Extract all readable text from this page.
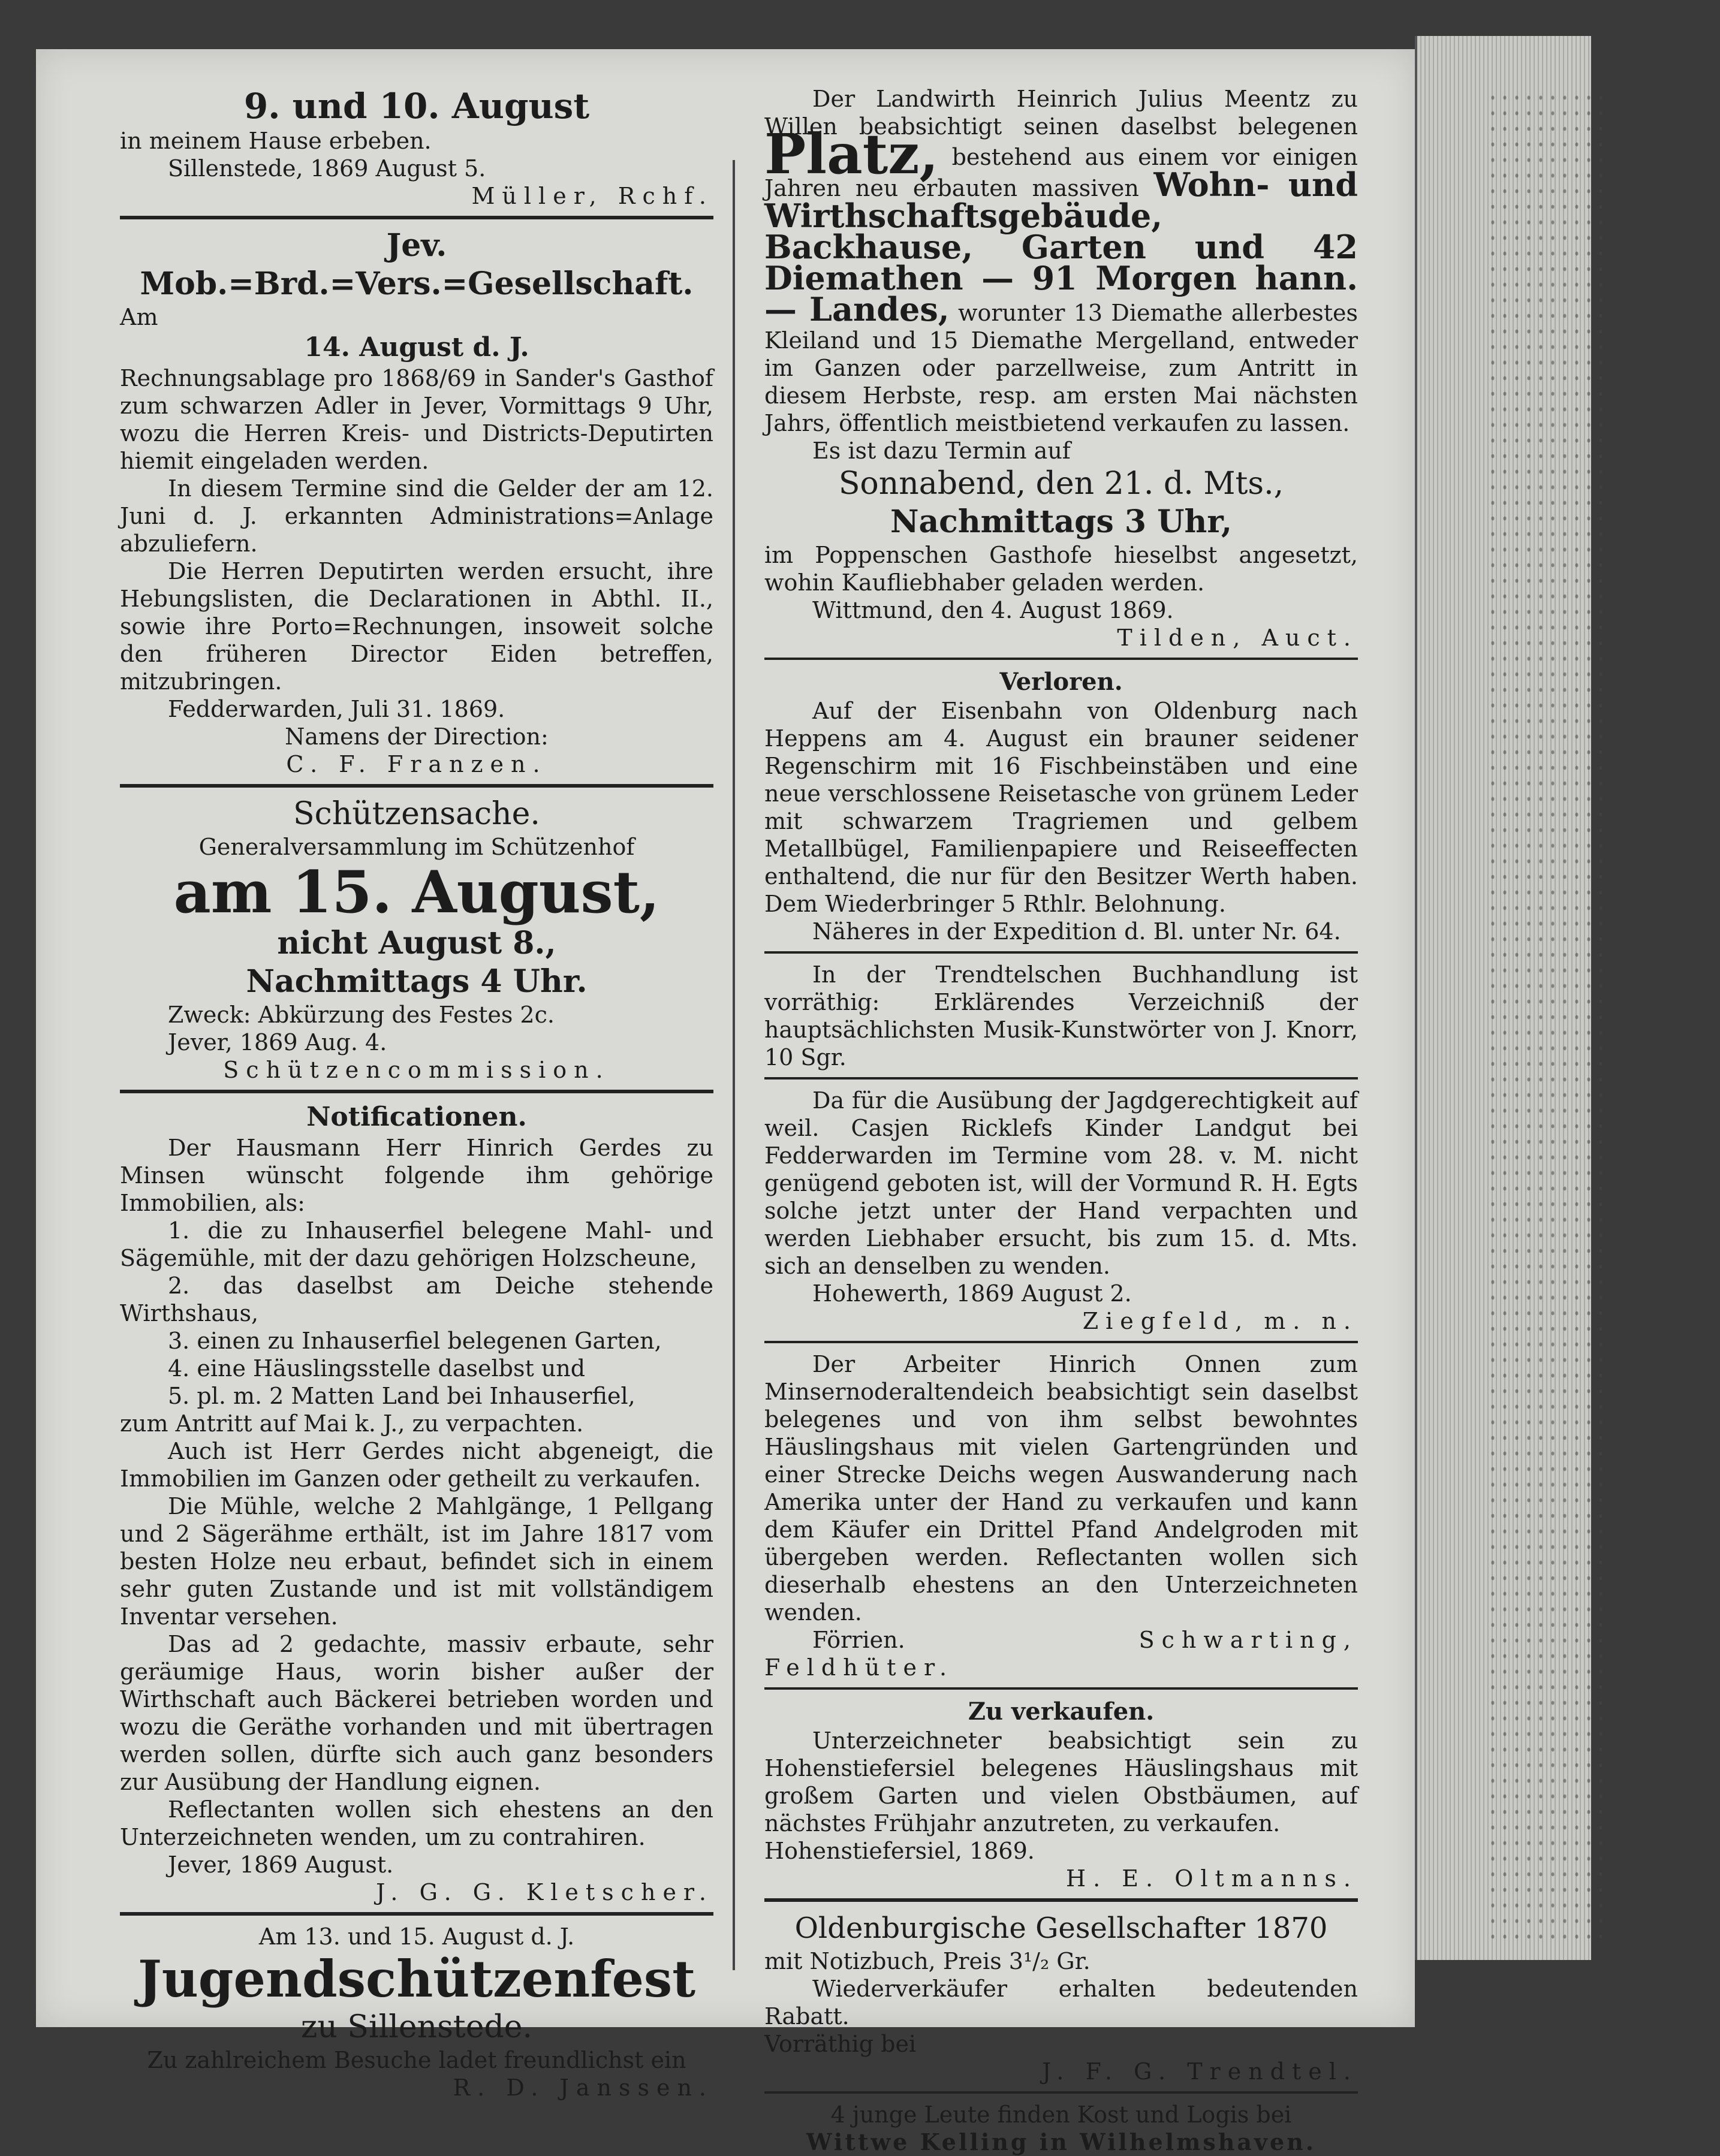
9. und 10. August

in meinem Hause erbeben.

Sillenstede, 1869 August 5.

Müller, Rchf.

Jev. Mob.=Brd.=Vers.=Gesellschaft.

Am

14. August d. J.

Rechnungsablage pro 1868/69 in Sander's Gasthof zum schwarzen Adler in Jever, Vormittags 9 Uhr, wozu die Herren Kreis- und Districts-Deputirten hiemit eingeladen werden.

In diesem Termine sind die Gelder der am 12. Juni d. J. erkannten Administrations=Anlage abzuliefern.

Die Herren Deputirten werden ersucht, ihre Hebungslisten, die Declarationen in Abthl. II., sowie ihre Porto=Rechnungen, insoweit solche den früheren Director Eiden betreffen, mitzubringen.

Fedderwarden, Juli 31. 1869.

Namens der Direction:

C. F. Franzen.

Schützensache.

Generalversammlung im Schützenhof

am 15. August,

nicht August 8.,

Nachmittags 4 Uhr.

Zweck: Abkürzung des Festes 2c.

Jever, 1869 Aug. 4.

Schützencommission.

Notificationen.

Der Hausmann Herr Hinrich Gerdes zu Minsen wünscht folgende ihm gehörige Immobilien, als:

1. die zu Inhauserfiel belegene Mahl- und Sägemühle, mit der dazu gehörigen Holzscheune,

2. das daselbst am Deiche stehende Wirthshaus,

3. einen zu Inhauserfiel belegenen Garten,

4. eine Häuslingsstelle daselbst und

5. pl. m. 2 Matten Land bei Inhauserfiel,

zum Antritt auf Mai k. J., zu verpachten.

Auch ist Herr Gerdes nicht abgeneigt, die Immobilien im Ganzen oder getheilt zu verkaufen.

Die Mühle, welche 2 Mahlgänge, 1 Pellgang und 2 Sägerähme erthält, ist im Jahre 1817 vom besten Holze neu erbaut, befindet sich in einem sehr guten Zustande und ist mit vollständigem Inventar versehen.

Das ad 2 gedachte, massiv erbaute, sehr geräumige Haus, worin bisher außer der Wirthschaft auch Bäckerei betrieben worden und wozu die Geräthe vorhanden und mit übertragen werden sollen, dürfte sich auch ganz besonders zur Ausübung der Handlung eignen.

Reflectanten wollen sich ehestens an den Unterzeichneten wenden, um zu contrahiren.

Jever, 1869 August.

J. G. G. Kletscher.

Am 13. und 15. August d. J.

Jugendschützenfest

zu Sillenstede.

Zu zahlreichem Besuche ladet freundlichst ein

R. D. Janssen.

Der Landwirth Heinrich Julius Meentz zu Willen beabsichtigt seinen daselbst belegenen Platz, bestehend aus einem vor einigen Jahren neu erbauten massiven Wohn- und Wirthschaftsgebäude, Backhause, Garten und 42 Diemathen — 91 Morgen hann. — Landes, worunter 13 Diemathe allerbestes Kleiland und 15 Diemathe Mergelland, entweder im Ganzen oder parzellweise, zum Antritt in diesem Herbste, resp. am ersten Mai nächsten Jahrs, öffentlich meistbietend verkaufen zu lassen.

Es ist dazu Termin auf

Sonnabend, den 21. d. Mts.,

Nachmittags 3 Uhr,

im Poppenschen Gasthofe hieselbst angesetzt, wohin Kaufliebhaber geladen werden.

Wittmund, den 4. August 1869.

Tilden, Auct.

Verloren.

Auf der Eisenbahn von Oldenburg nach Heppens am 4. August ein brauner seidener Regenschirm mit 16 Fischbeinstäben und eine neue verschlossene Reisetasche von grünem Leder mit schwarzem Tragriemen und gelbem Metallbügel, Familienpapiere und Reiseeffecten enthaltend, die nur für den Besitzer Werth haben. Dem Wiederbringer 5 Rthlr. Belohnung.

Näheres in der Expedition d. Bl. unter Nr. 64.

In der Trendtelschen Buchhandlung ist vorräthig: Erklärendes Verzeichniß der hauptsächlichsten Musik-Kunstwörter von J. Knorr, 10 Sgr.

Da für die Ausübung der Jagdgerechtigkeit auf weil. Casjen Ricklefs Kinder Landgut bei Fedderwarden im Termine vom 28. v. M. nicht genügend geboten ist, will der Vormund R. H. Egts solche jetzt unter der Hand verpachten und werden Liebhaber ersucht, bis zum 15. d. Mts. sich an denselben zu wenden.

Hohewerth, 1869 August 2.

Ziegfeld, m. n.

Der Arbeiter Hinrich Onnen zum Minsernoderaltendeich beabsichtigt sein daselbst belegenes und von ihm selbst bewohntes Häuslingshaus mit vielen Gartengründen und einer Strecke Deichs wegen Auswanderung nach Amerika unter der Hand zu verkaufen und kann dem Käufer ein Drittel Pfand Andelgroden mit übergeben werden. Reflectanten wollen sich dieserhalb ehestens an den Unterzeichneten wenden.

Förrien.	Schwarting, Feldhüter.

Zu verkaufen.

Unterzeichneter beabsichtigt sein zu Hohenstiefersiel belegenes Häuslingshaus mit großem Garten und vielen Obstbäumen, auf nächstes Frühjahr anzutreten, zu verkaufen.

Hohenstiefersiel, 1869.

H. E. Oltmanns.

Oldenburgische Gesellschafter 1870

mit Notizbuch, Preis 3¹/₂ Gr.

Wiederverkäufer erhalten bedeutenden Rabatt.

Vorräthig bei

J. F. G. Trendtel.

4 junge Leute finden Kost und Logis bei

Wittwe Kelling in Wilhelmshaven.
